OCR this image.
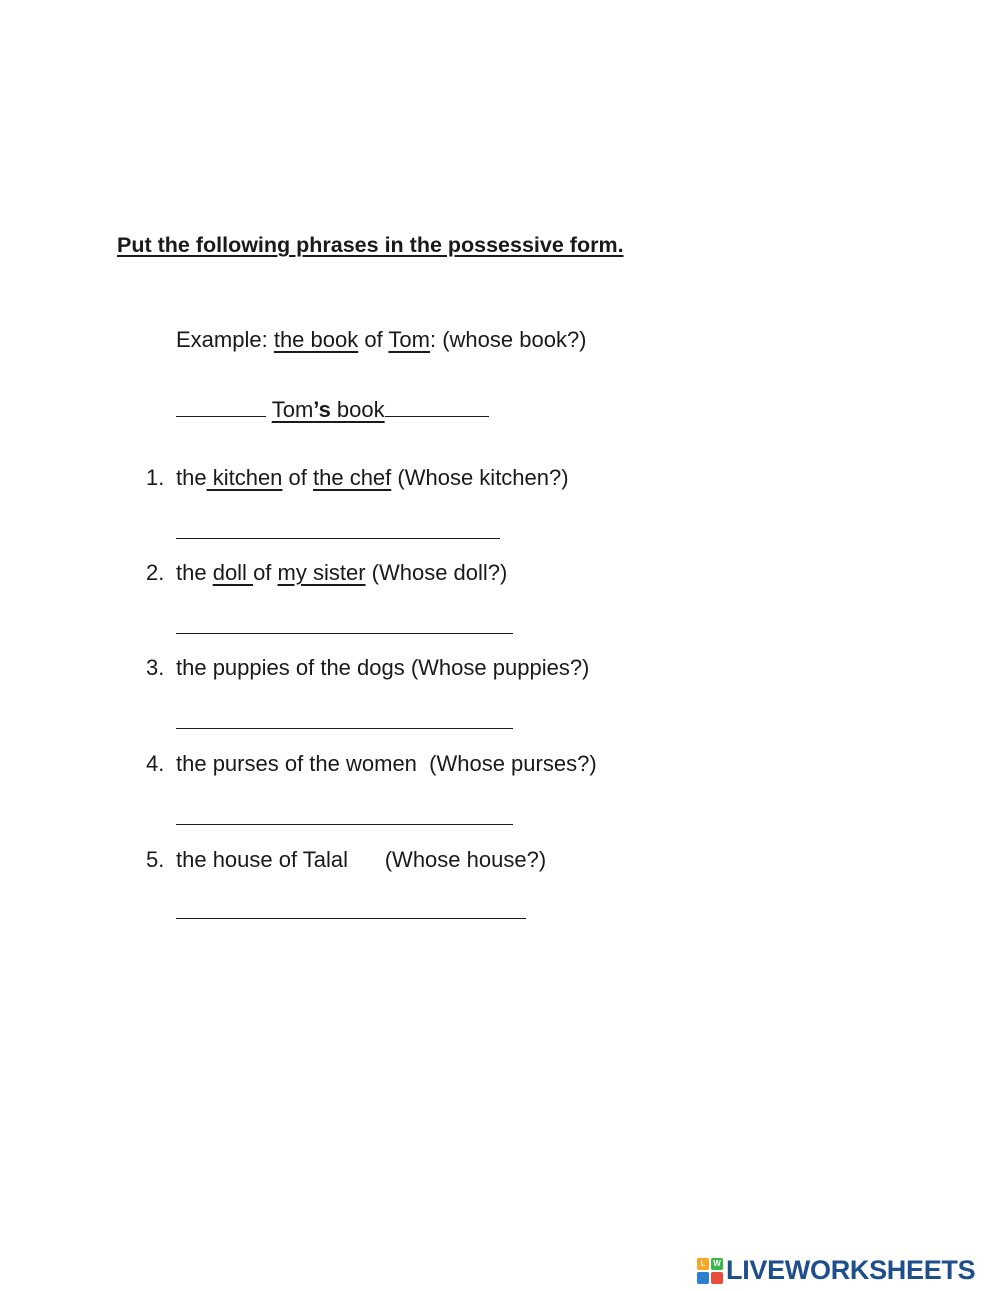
Put the following phrases in the possessive form.
Example: the book of Tom: (whose book?)
Tom’s book
1. the kitchen of the chef (Whose kitchen?)
2. the doll of my sister (Whose doll?)
3. the puppies of the dogs (Whose puppies?)
4. the purses of the women  (Whose purses?)
5. the house of Talal      (Whose house?)
L W LIVEWORKSHEETS
